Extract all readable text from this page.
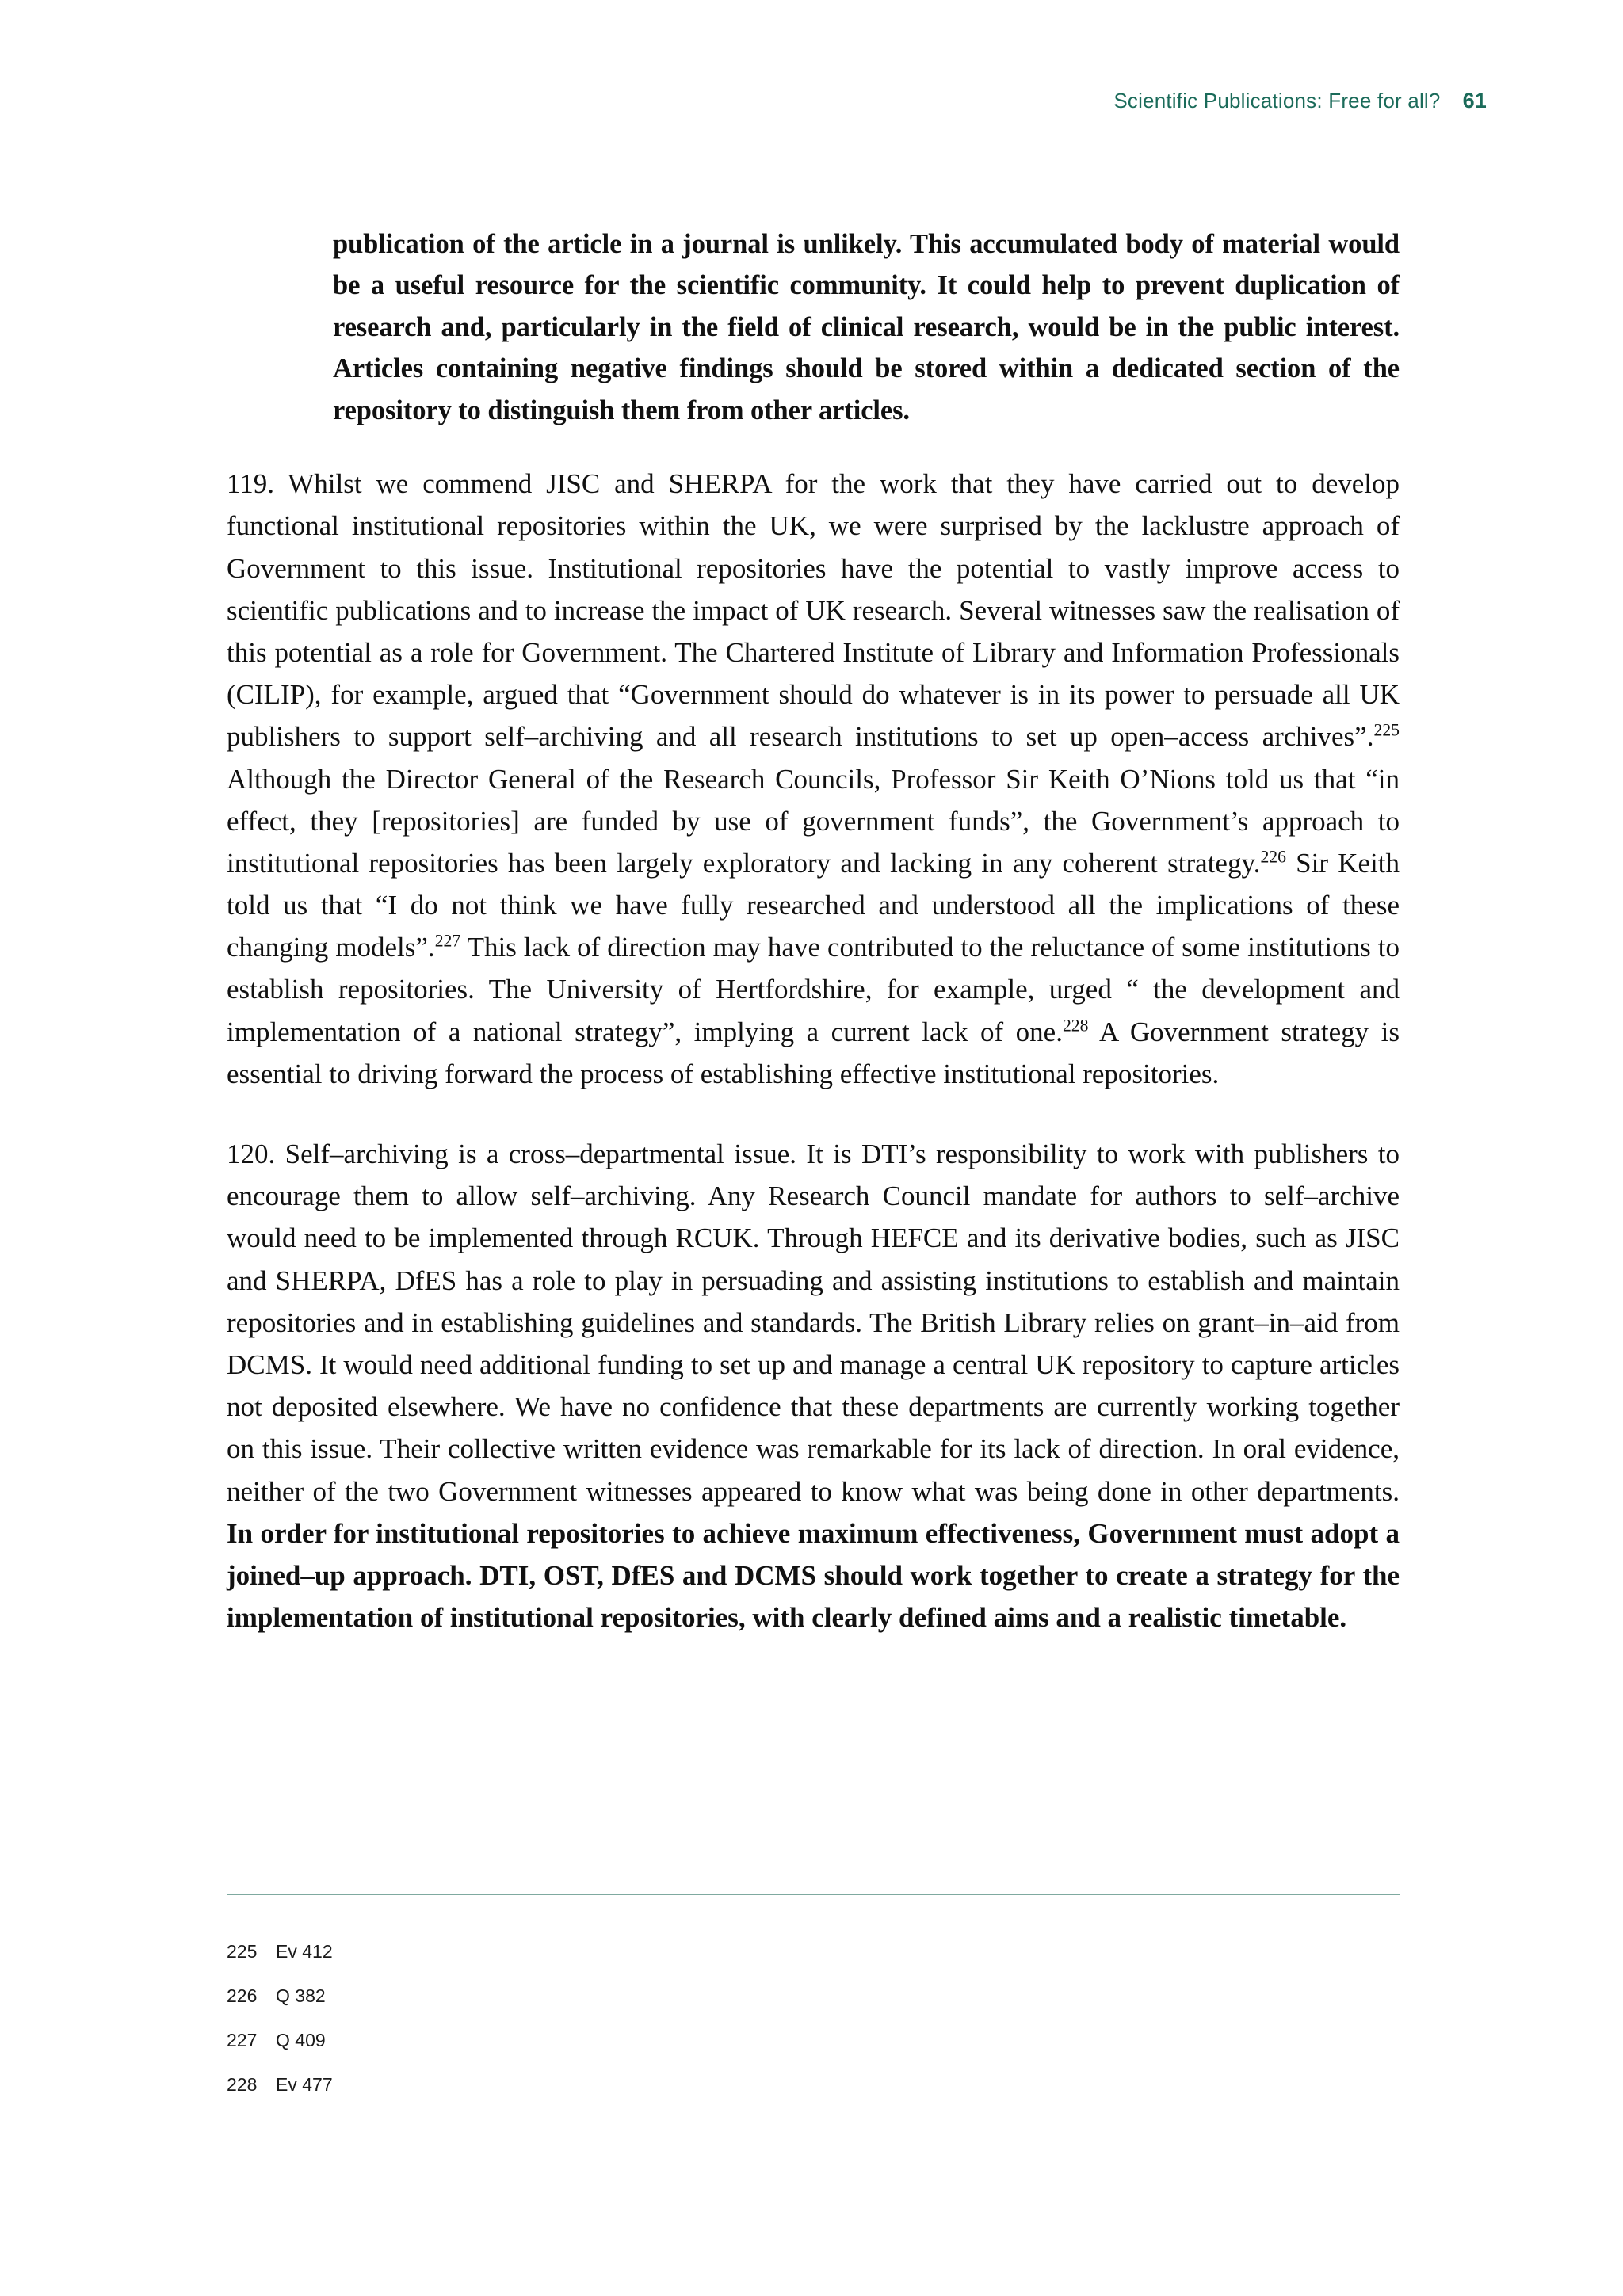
Scientific Publications: Free for all? 61

publication of the article in a journal is unlikely. This accumulated body of material would be a useful resource for the scientific community. It could help to prevent duplication of research and, particularly in the field of clinical research, would be in the public interest. Articles containing negative findings should be stored within a dedicated section of the repository to distinguish them from other articles.

119. Whilst we commend JISC and SHERPA for the work that they have carried out to develop functional institutional repositories within the UK, we were surprised by the lacklustre approach of Government to this issue. Institutional repositories have the potential to vastly improve access to scientific publications and to increase the impact of UK research. Several witnesses saw the realisation of this potential as a role for Government. The Chartered Institute of Library and Information Professionals (CILIP), for example, argued that “Government should do whatever is in its power to persuade all UK publishers to support self–archiving and all research institutions to set up open–access archives”.$^{225}$ Although the Director General of the Research Councils, Professor Sir Keith O’Nions told us that “in effect, they [repositories] are funded by use of government funds”, the Government’s approach to institutional repositories has been largely exploratory and lacking in any coherent strategy.$^{226}$ Sir Keith told us that “I do not think we have fully researched and understood all the implications of these changing models”.$^{227}$ This lack of direction may have contributed to the reluctance of some institutions to establish repositories. The University of Hertfordshire, for example, urged “ the development and implementation of a national strategy”, implying a current lack of one.$^{228}$ A Government strategy is essential to driving forward the process of establishing effective institutional repositories.

120. Self–archiving is a cross–departmental issue. It is DTI’s responsibility to work with publishers to encourage them to allow self–archiving. Any Research Council mandate for authors to self–archive would need to be implemented through RCUK. Through HEFCE and its derivative bodies, such as JISC and SHERPA, DfES has a role to play in persuading and assisting institutions to establish and maintain repositories and in establishing guidelines and standards. The British Library relies on grant–in–aid from DCMS. It would need additional funding to set up and manage a central UK repository to capture articles not deposited elsewhere. We have no confidence that these departments are currently working together on this issue. Their collective written evidence was remarkable for its lack of direction. In oral evidence, neither of the two Government witnesses appeared to know what was being done in other departments. In order for institutional repositories to achieve maximum effectiveness, Government must adopt a joined–up approach. DTI, OST, DfES and DCMS should work together to create a strategy for the implementation of institutional repositories, with clearly defined aims and a realistic timetable.

225	Ev 412
226	Q 382
227	Q 409
228	Ev 477
